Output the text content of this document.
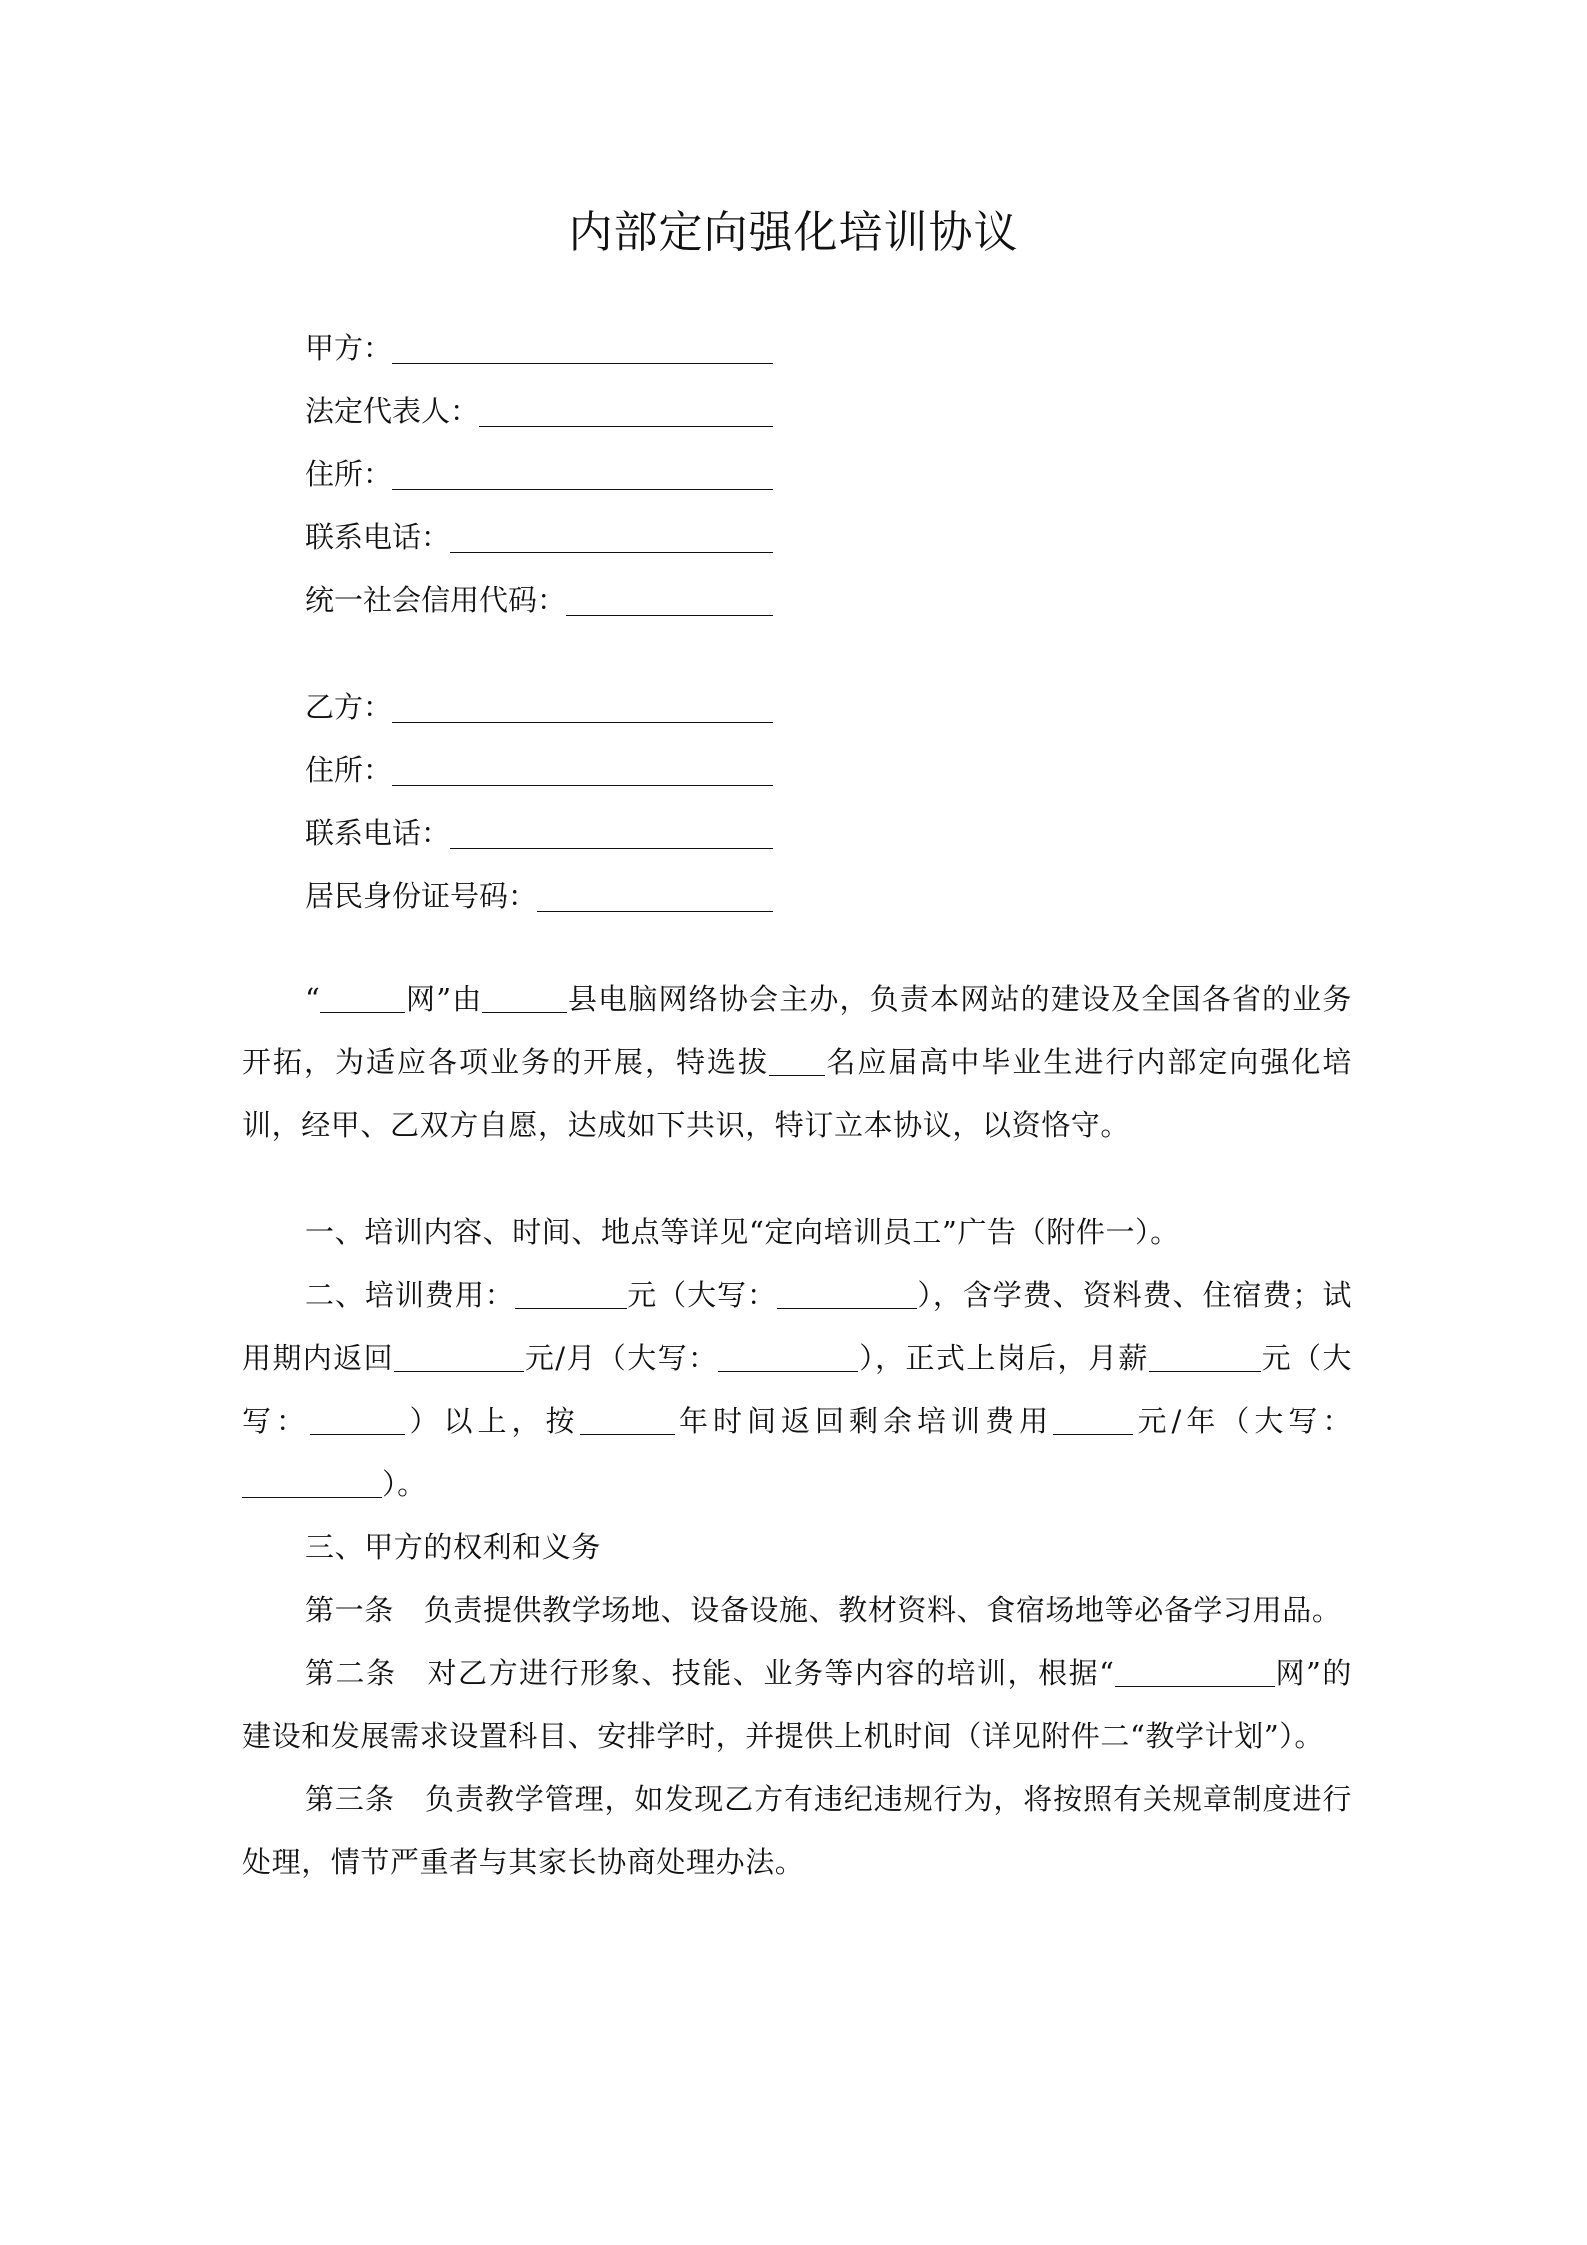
内部定向强化培训协议
甲方：
法定代表人：
住所：
联系电话：
统一社会信用代码：
乙方：
住所：
联系电话：
居民身份证号码：

“	网”由	县电脑网络协会主办，负责本网站的建设及全国各省的业务开拓，为适应各项业务的开展，特选拔 名应届高中毕业生进行内部定向强化培训，经甲、乙双方自愿，达成如下共识，特订立本协议，以资恪守。

一、培训内容、时间、地点等详见“定向培训员工”广告（附件一）。

二、培训费用：	元（大写：	），含学费、资料费、住宿费；试用期内返回	元/月（大写：	），正式上岗后，月薪	元（大写：	）以上，按	年时间返回剩余培训费用	元/年（大写：）。

三、甲方的权利和义务

第一条 负责提供教学场地、设备设施、教材资料、食宿场地等必备学习用品。

第二条 对乙方进行形象、技能、业务等内容的培训，根据“	网”的建设和发展需求设置科目、安排学时，并提供上机时间（详见附件二“教学计划”）。

第三条 负责教学管理，如发现乙方有违纪违规行为，将按照有关规章制度进行处理，情节严重者与其家长协商处理办法。
